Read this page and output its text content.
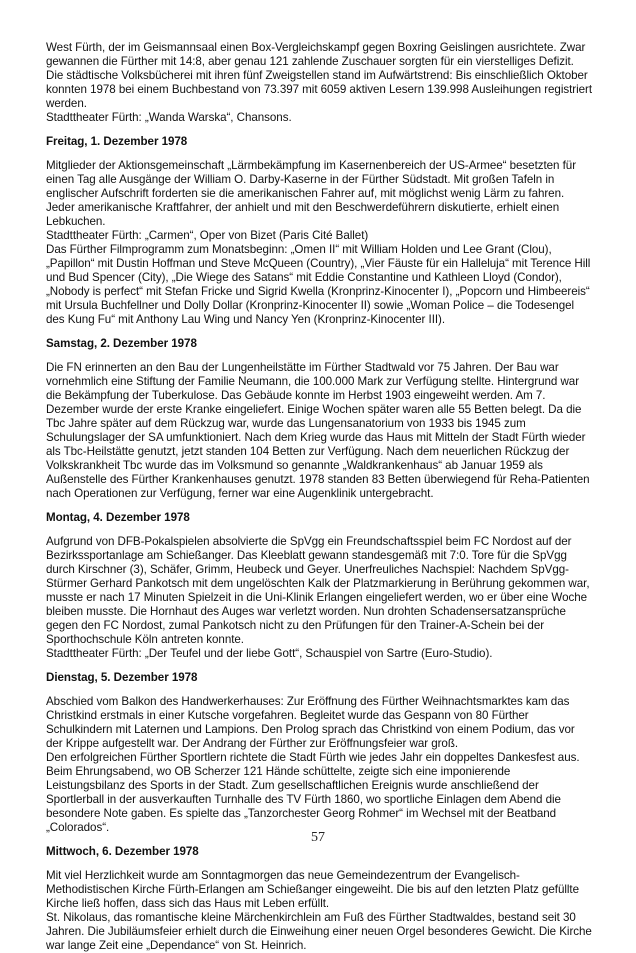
West Fürth, der im Geismannsaal einen Box-Vergleichskampf gegen Boxring Geislingen ausrichtete. Zwar gewannen die Fürther mit 14:8, aber genau 121 zahlende Zuschauer sorgten für ein vierstelliges Defizit.

Die städtische Volksbücherei mit ihren fünf Zweigstellen stand im Aufwärtstrend: Bis einschließlich Oktober konnten 1978 bei einem Buchbestand von 73.397 mit 6059 aktiven Lesern 139.998 Ausleihungen registriert werden.

Stadttheater Fürth: „Wanda Warska“, Chansons.

Freitag, 1. Dezember 1978

Mitglieder der Aktionsgemeinschaft „Lärmbekämpfung im Kasernenbereich der US-Armee“ besetzten für einen Tag alle Ausgänge der William O. Darby-Kaserne in der Fürther Südstadt. Mit großen Tafeln in englischer Aufschrift forderten sie die amerikanischen Fahrer auf, mit möglichst wenig Lärm zu fahren. Jeder amerikanische Kraftfahrer, der anhielt und mit den Beschwerdeführern diskutierte, erhielt einen Lebkuchen.

Stadttheater Fürth: „Carmen“, Oper von Bizet (Paris Cité Ballet)

Das Fürther Filmprogramm zum Monatsbeginn: „Omen II“ mit William Holden und Lee Grant (Clou), „Papillon“ mit Dustin Hoffman und Steve McQueen (Country), „Vier Fäuste für ein Halleluja“ mit Terence Hill und Bud Spencer (City), „Die Wiege des Satans“ mit Eddie Constantine und Kathleen Lloyd (Condor), „Nobody is perfect“ mit Stefan Fricke und Sigrid Kwella (Kronprinz-Kinocenter I), „Popcorn und Himbeereis“ mit Ursula Buchfellner und Dolly Dollar (Kronprinz-Kinocenter II) sowie „Woman Police – die Todesengel des Kung Fu“ mit Anthony Lau Wing und Nancy Yen (Kronprinz-Kinocenter III).

Samstag, 2. Dezember 1978

Die FN erinnerten an den Bau der Lungenheilstätte im Fürther Stadtwald vor 75 Jahren. Der Bau war vornehmlich eine Stiftung der Familie Neumann, die 100.000 Mark zur Verfügung stellte. Hintergrund war die Bekämpfung der Tuberkulose. Das Gebäude konnte im Herbst 1903 eingeweiht werden. Am 7. Dezember wurde der erste Kranke eingeliefert. Einige Wochen später waren alle 55 Betten belegt. Da die Tbc Jahre später auf dem Rückzug war, wurde das Lungensanatorium von 1933 bis 1945 zum Schulungslager der SA umfunktioniert. Nach dem Krieg wurde das Haus mit Mitteln der Stadt Fürth wieder als Tbc-Heilstätte genutzt, jetzt standen 104 Betten zur Verfügung. Nach dem neuerlichen Rückzug der Volkskrankheit Tbc wurde das im Volksmund so genannte „Waldkrankenhaus“ ab Januar 1959 als Außenstelle des Fürther Krankenhauses genutzt. 1978 standen 83 Betten überwiegend für Reha-Patienten nach Operationen zur Verfügung, ferner war eine Augenklinik untergebracht.

Montag, 4. Dezember 1978

Aufgrund von DFB-Pokalspielen absolvierte die SpVgg ein Freundschaftsspiel beim FC Nordost auf der Bezirkssportanlage am Schießanger. Das Kleeblatt gewann standesgemäß mit 7:0. Tore für die SpVgg durch Kirschner (3), Schäfer, Grimm, Heubeck und Geyer. Unerfreuliches Nachspiel: Nachdem SpVgg-Stürmer Gerhard Pankotsch mit dem ungelöschten Kalk der Platzmarkierung in Berührung gekommen war, musste er nach 17 Minuten Spielzeit in die Uni-Klinik Erlangen eingeliefert werden, wo er über eine Woche bleiben musste. Die Hornhaut des Auges war verletzt worden. Nun drohten Schadensersatzansprüche gegen den FC Nordost, zumal Pankotsch nicht zu den Prüfungen für den Trainer-A-Schein bei der Sporthochschule Köln antreten konnte.

Stadttheater Fürth: „Der Teufel und der liebe Gott“, Schauspiel von Sartre (Euro-Studio).

Dienstag, 5. Dezember 1978

Abschied vom Balkon des Handwerkerhauses: Zur Eröffnung des Fürther Weihnachtsmarktes kam das Christkind erstmals in einer Kutsche vorgefahren. Begleitet wurde das Gespann von 80 Fürther Schulkindern mit Laternen und Lampions. Den Prolog sprach das Christkind von einem Podium, das vor der Krippe aufgestellt war. Der Andrang der Fürther zur Eröffnungsfeier war groß.

Den erfolgreichen Fürther Sportlern richtete die Stadt Fürth wie jedes Jahr ein doppeltes Dankesfest aus. Beim Ehrungsabend, wo OB Scherzer 121 Hände schüttelte, zeigte sich eine imponierende Leistungsbilanz des Sports in der Stadt. Zum gesellschaftlichen Ereignis wurde anschließend der Sportlerball in der ausverkauften Turnhalle des TV Fürth 1860, wo sportliche Einlagen dem Abend die besondere Note gaben. Es spielte das „Tanzorchester Georg Rohmer“ im Wechsel mit der Beatband „Colorados“.

Mittwoch, 6. Dezember 1978

Mit viel Herzlichkeit wurde am Sonntagmorgen das neue Gemeindezentrum der Evangelisch-Methodistischen Kirche Fürth-Erlangen am Schießanger eingeweiht. Die bis auf den letzten Platz gefüllte Kirche ließ hoffen, dass sich das Haus mit Leben erfüllt.

St. Nikolaus, das romantische kleine Märchenkirchlein am Fuß des Fürther Stadtwaldes, bestand seit 30 Jahren. Die Jubiläumsfeier erhielt durch die Einweihung einer neuen Orgel besonderes Gewicht. Die Kirche war lange Zeit eine „Dependance“ von St. Heinrich.

57
